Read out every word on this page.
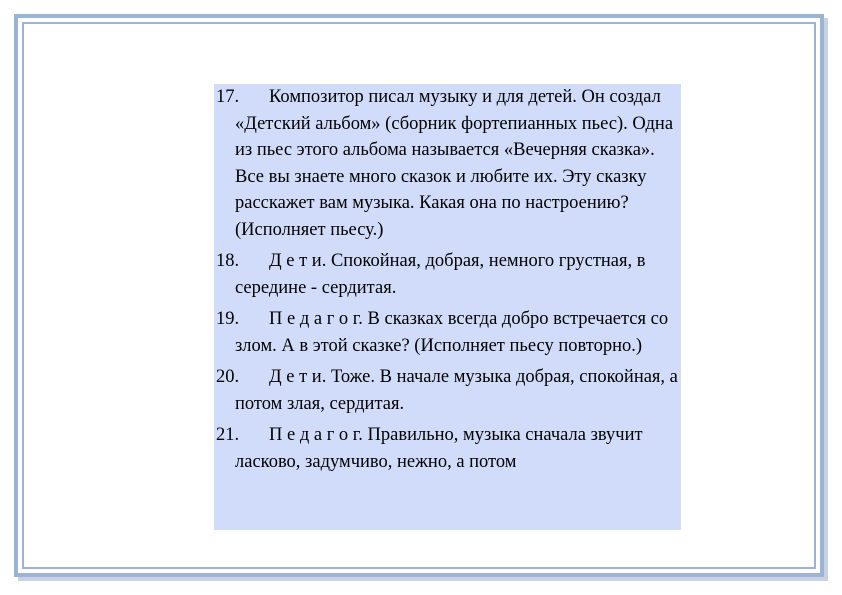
17. Композитор писал музыку и для детей. Он создал «Детский альбом» (сборник фортепианных пьес). Одна из пьес этого альбома называется «Вечерняя сказка». Все вы знаете много сказок и любите их. Эту сказку расскажет вам музыка. Какая она по настроению? (Исполняет пьесу.)
18. Д е т и. Спокойная, добрая, немного грустная, в середине - сердитая.
19. П е д а г о г. В сказках всегда добро встречается со злом. А в этой сказке? (Исполняет пьесу повторно.)
20. Д е т и. Тоже. В начале музыка добрая, спокойная, а потом злая, сердитая.
21. П е д а г о г. Правильно, музыка сначала звучит ласково, задумчиво, нежно, а потом
